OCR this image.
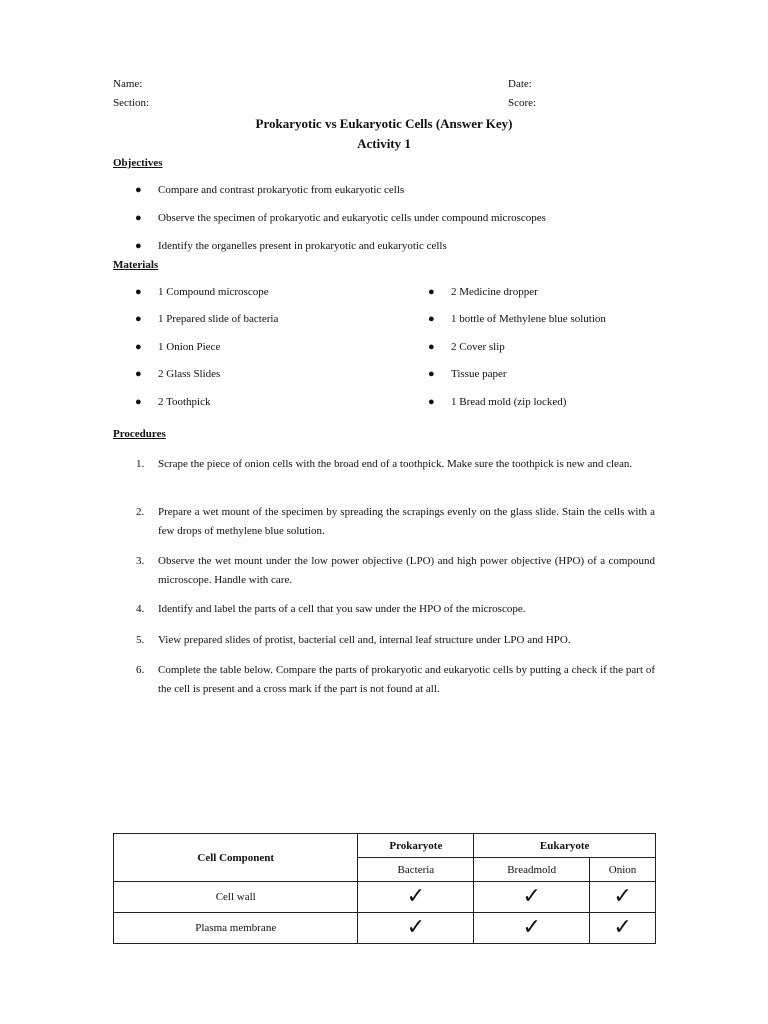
Name:	Date:
Section:	Score:
Prokaryotic vs Eukaryotic Cells (Answer Key)
Activity 1
Objectives
● Compare and contrast prokaryotic from eukaryotic cells
● Observe the specimen of prokaryotic and eukaryotic cells under compound microscopes
● Identify the organelles present in prokaryotic and eukaryotic cells
Materials
● 1 Compound microscope
● 1 Prepared slide of bacteria
● 1 Onion Piece
● 2 Glass Slides
● 2 Toothpick
● 2 Medicine dropper
● 1 bottle of Methylene blue solution
● 2 Cover slip
● Tissue paper
● 1 Bread mold (zip locked)
Procedures
1. Scrape the piece of onion cells with the broad end of a toothpick. Make sure the toothpick is new and clean.
2. Prepare a wet mount of the specimen by spreading the scrapings evenly on the glass slide. Stain the cells with a few drops of methylene blue solution.
3. Observe the wet mount under the low power objective (LPO) and high power objective (HPO) of a compound microscope. Handle with care.
4. Identify and label the parts of a cell that you saw under the HPO of the microscope.
5. View prepared slides of protist, bacterial cell and, internal leaf structure under LPO and HPO.
6. Complete the table below. Compare the parts of prokaryotic and eukaryotic cells by putting a check if the part of the cell is present and a cross mark if the part is not found at all.
Cell Component	Prokaryote	Eukaryote	
	Bacteria	Breadmold	Onion
Cell wall	✓	✓	✓
Plasma membrane	✓	✓	✓
